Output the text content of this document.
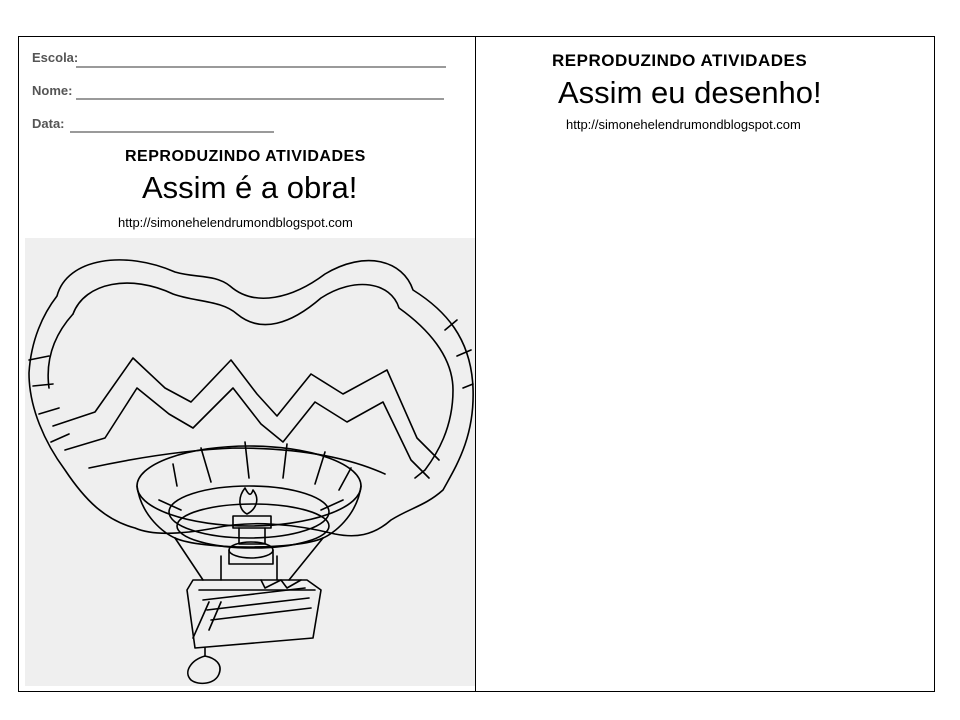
Escola:
Nome:
Data:
REPRODUZINDO ATIVIDADES
Assim é a obra!
http://simonehelendrumondblogspot.com
REPRODUZINDO ATIVIDADES
Assim eu desenho!
http://simonehelendrumondblogspot.com
